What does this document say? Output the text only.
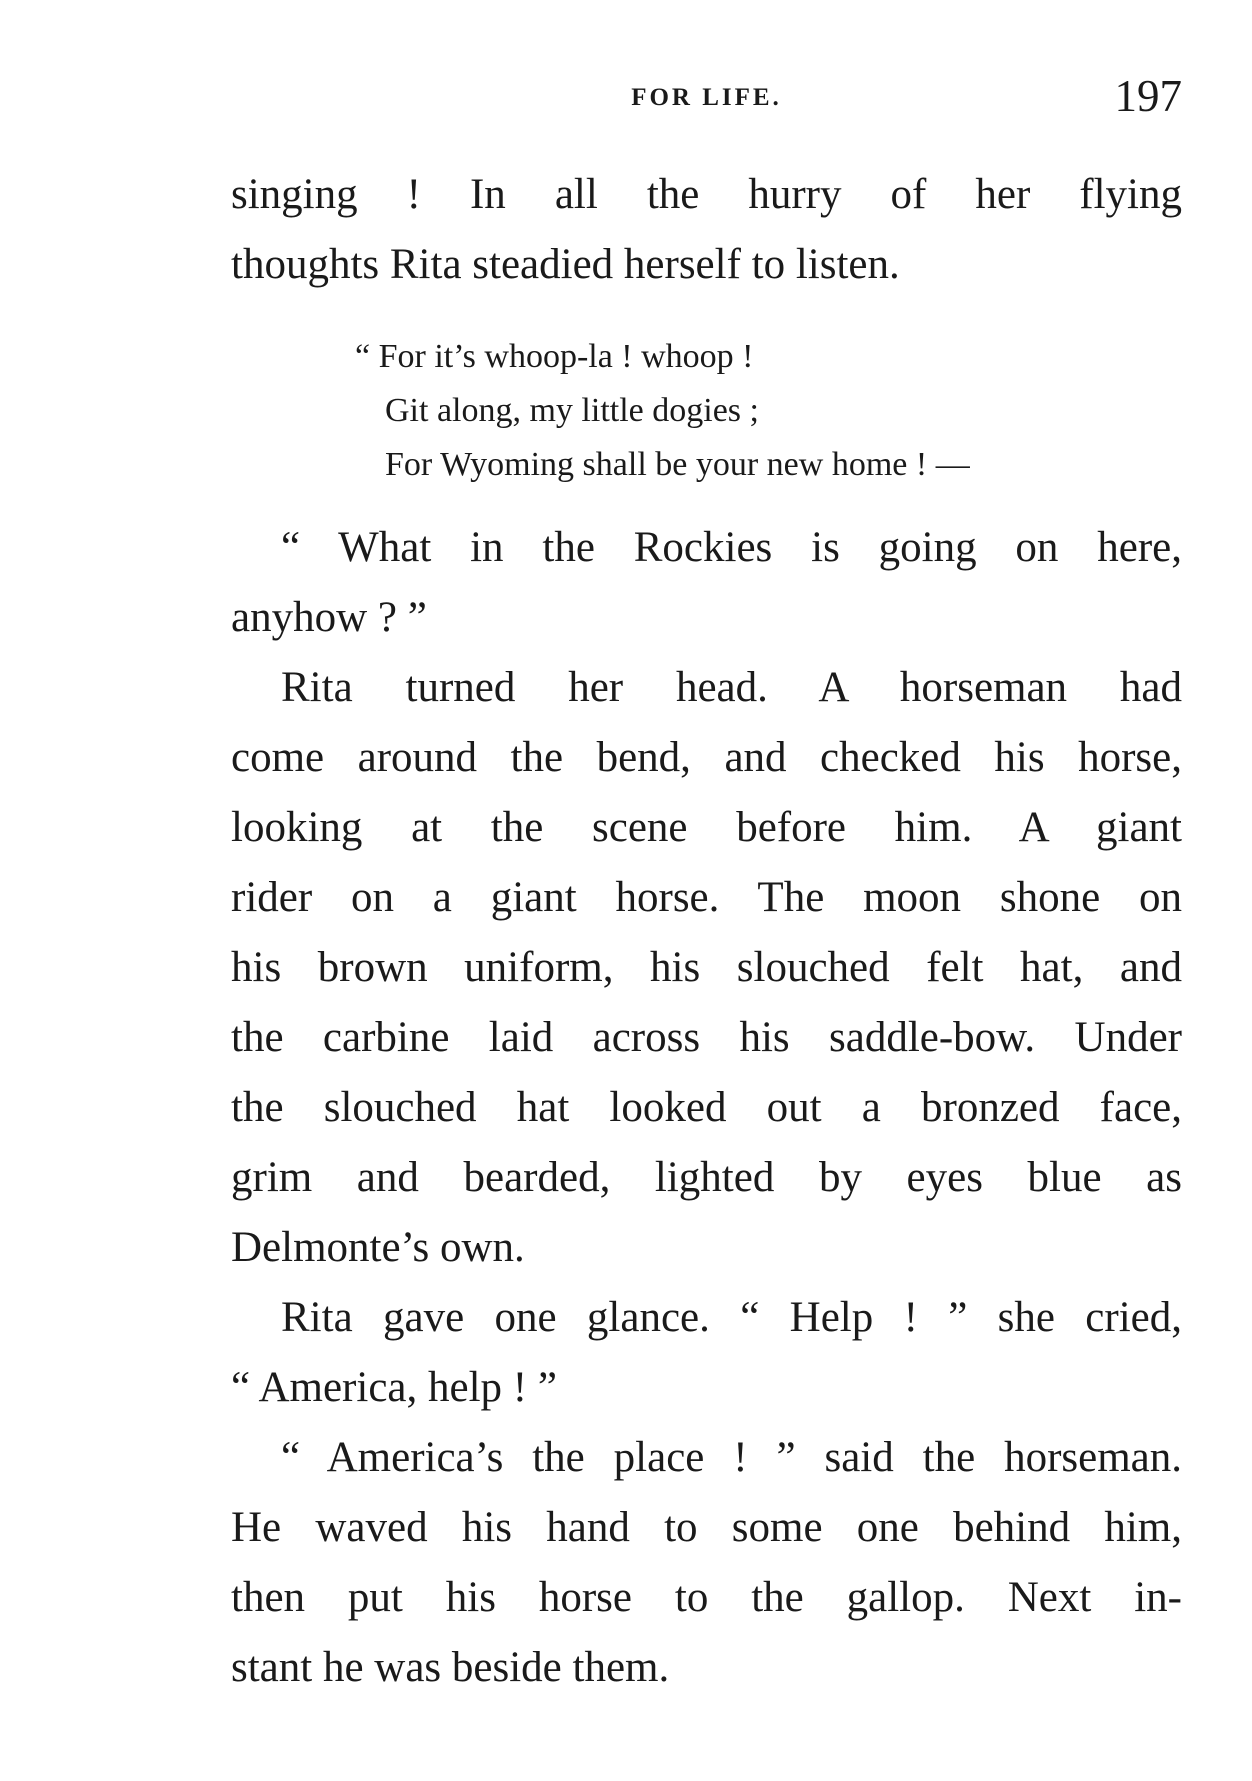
FOR LIFE.	197
singing ! In all the hurry of her flying
thoughts Rita steadied herself to listen.
“ For it’s whoop-la ! whoop !
Git along, my little dogies ;
For Wyoming shall be your new home ! —
“ What in the Rockies is going on here,
anyhow ? ”
Rita turned her head. A horseman had
come around the bend, and checked his horse,
looking at the scene before him. A giant
rider on a giant horse. The moon shone on
his brown uniform, his slouched felt hat, and
the carbine laid across his saddle-bow. Under
the slouched hat looked out a bronzed face,
grim and bearded, lighted by eyes blue as
Delmonte’s own.
Rita gave one glance. “ Help ! ” she cried,
“ America, help ! ”
“ America’s the place ! ” said the horseman.
He waved his hand to some one behind him,
then put his horse to the gallop. Next in-
stant he was beside them.
